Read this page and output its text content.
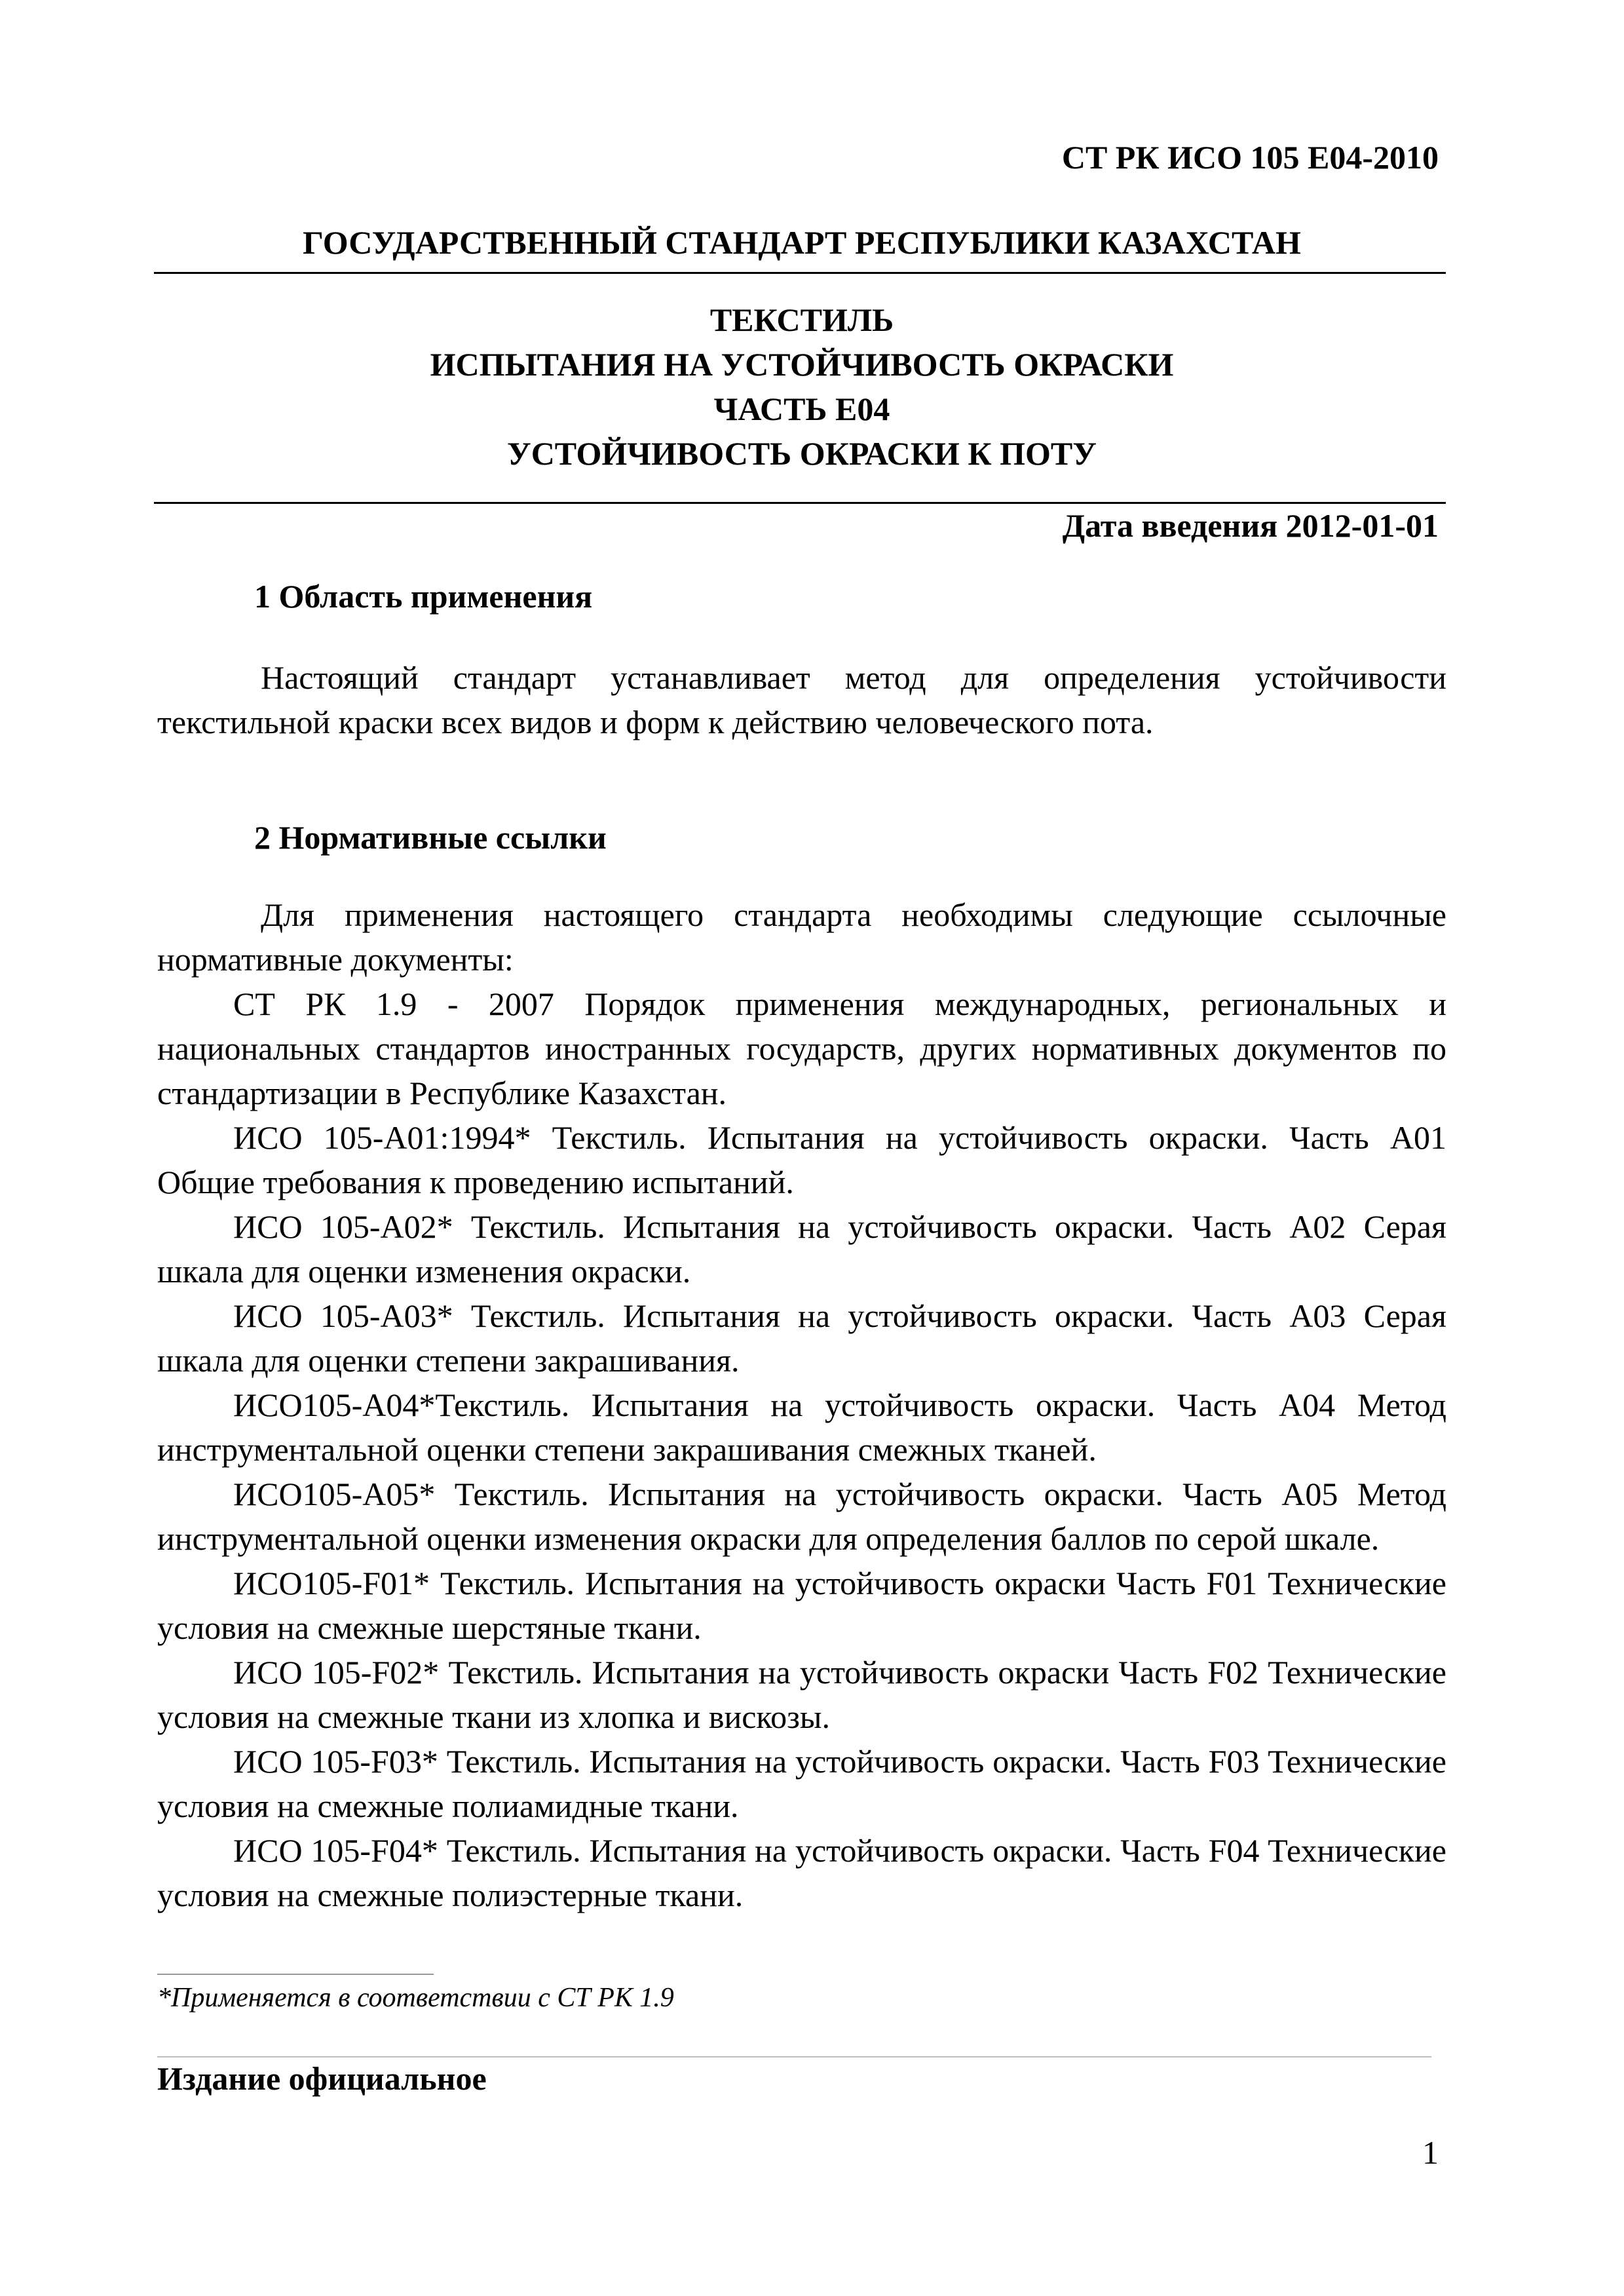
СТ РК ИСО 105 Е04-2010
ГОСУДАРСТВЕННЫЙ СТАНДАРТ РЕСПУБЛИКИ КАЗАХСТАН
ТЕКСТИЛЬ
ИСПЫТАНИЯ НА УСТОЙЧИВОСТЬ ОКРАСКИ
ЧАСТЬ Е04
УСТОЙЧИВОСТЬ ОКРАСКИ К ПОТУ
Дата введения 2012-01-01
1 Область применения

Настоящий стандарт устанавливает метод для определения устойчивости текстильной краски всех видов и форм к действию человеческого пота.

2 Нормативные ссылки

Для применения настоящего стандарта необходимы следующие ссылочные нормативные документы:

СТ РК 1.9 - 2007 Порядок применения международных, региональных и национальных стандартов иностранных государств, других нормативных документов по стандартизации в Республике Казахстан.

ИСО 105-А01:1994* Текстиль. Испытания на устойчивость окраски. Часть А01 Общие требования к проведению испытаний.

ИСО 105-А02* Текстиль. Испытания на устойчивость окраски. Часть А02 Серая шкала для оценки изменения окраски.

ИСО 105-А03* Текстиль. Испытания на устойчивость окраски. Часть А03 Серая шкала для оценки степени закрашивания.

ИСО105-А04*Текстиль. Испытания на устойчивость окраски. Часть А04 Метод инструментальной оценки степени закрашивания смежных тканей.

ИСО105-А05* Текстиль. Испытания на устойчивость окраски. Часть А05 Метод инструментальной оценки изменения окраски для определения баллов по серой шкале.

ИСО105-F01* Текстиль. Испытания на устойчивость окраски Часть F01 Технические условия на смежные шерстяные ткани.

ИСО 105-F02* Текстиль. Испытания на устойчивость окраски Часть F02 Технические условия на смежные ткани из хлопка и вискозы.

ИСО 105-F03* Текстиль. Испытания на устойчивость окраски. Часть F03 Технические условия на смежные полиамидные ткани.

ИСО 105-F04* Текстиль. Испытания на устойчивость окраски. Часть F04 Технические условия на смежные полиэстерные ткани.

*Применяется в соответствии с СТ РК 1.9
Издание официальное
1
